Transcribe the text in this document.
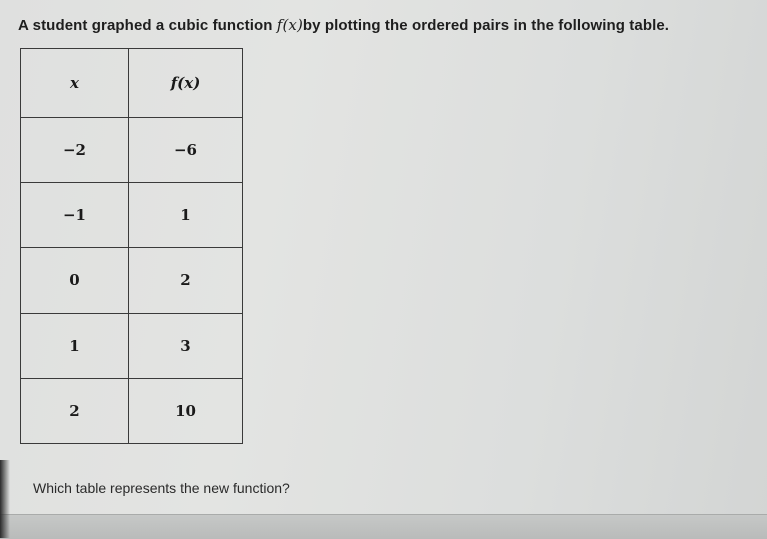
A student graphed a cubic function f(x)by plotting the ordered pairs in the following table.
x	f(x)
−2	−6
−1	1
0	2
1	3
2	10
Which table represents the new function?
